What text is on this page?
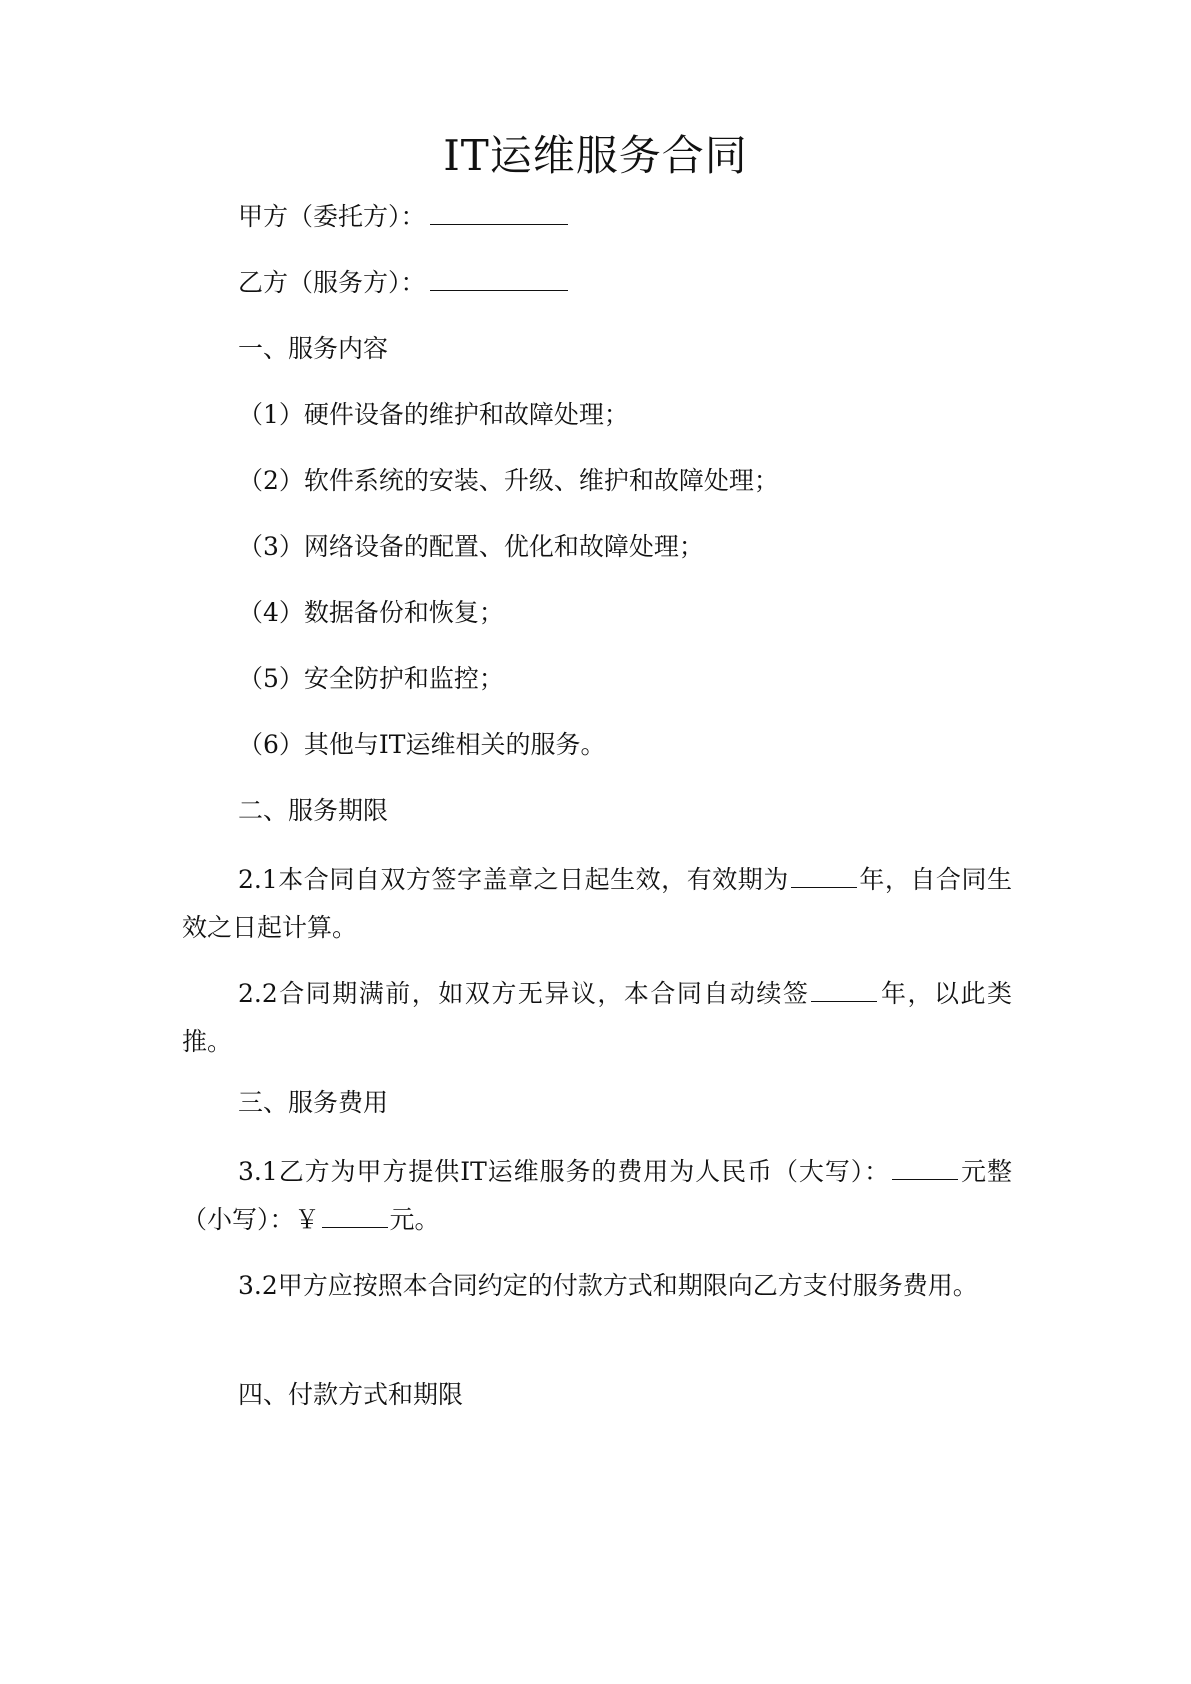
IT运维服务合同

甲方（委托方）：

乙方（服务方）：

一、服务内容

（1）硬件设备的维护和故障处理；

（2）软件系统的安装、升级、维护和故障处理；

（3）网络设备的配置、优化和故障处理；

（4）数据备份和恢复；

（5）安全防护和监控；

（6）其他与IT运维相关的服务。

二、服务期限

2.1本合同自双方签字盖章之日起生效，有效期为	年，自合同生效之日起计算。

2.2合同期满前，如双方无异议，本合同自动续签	年，以此类推。

三、服务费用

3.1乙方为甲方提供IT运维服务的费用为人民币（大写）：	元整（小写）：￥	元。

3.2甲方应按照本合同约定的付款方式和期限向乙方支付服务费用。

四、付款方式和期限
